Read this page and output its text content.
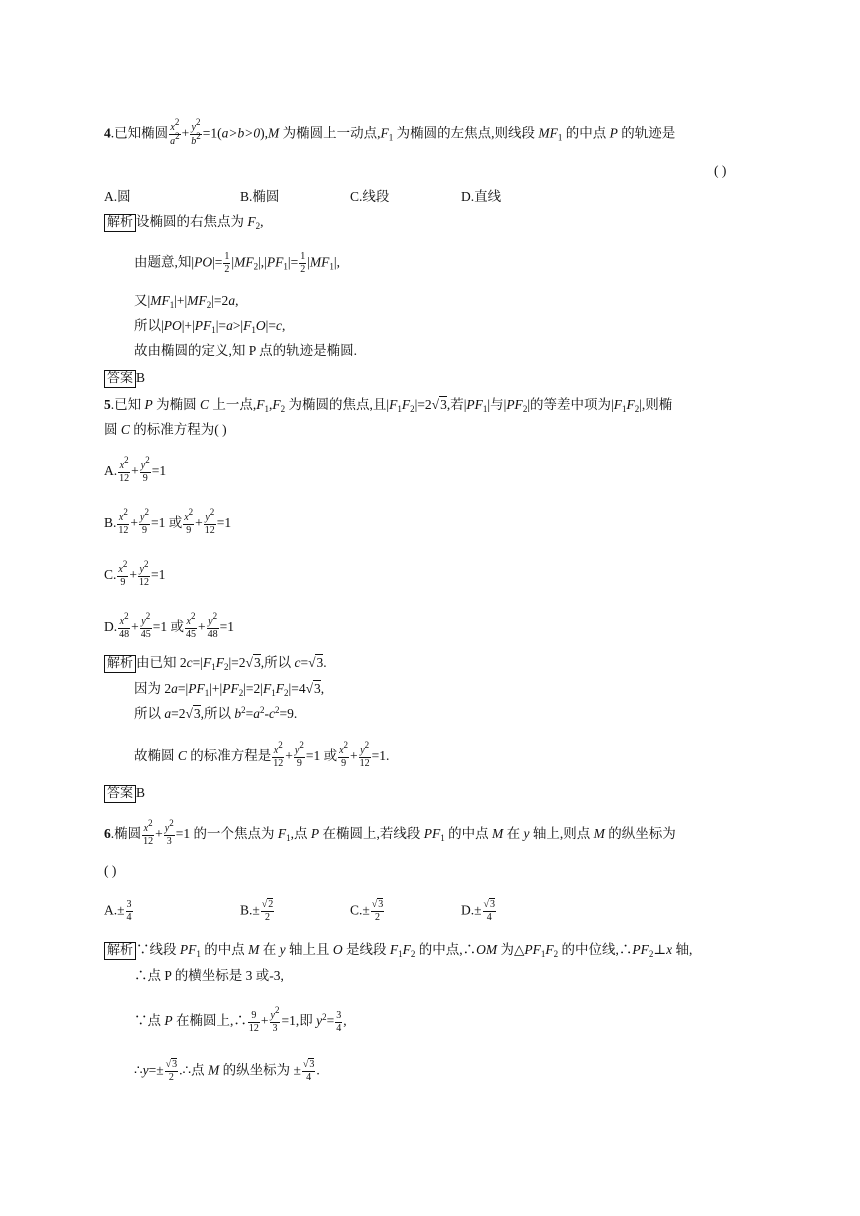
4.已知椭圆 $\frac{x^2}{a^2} + \frac{y^2}{b^2} =1(a>b>0),M$ 为椭圆上一动点$,F_1$ 为椭圆的左焦点,则线段 $MF_1$ 的中点 P 的轨迹是
( )
A.圆	B.椭圆	C.线段	D.直线
解析 设椭圆的右焦点为 $F_2$,
由题意,知$|PO|= \frac{1}{2} |MF_2|,|PF_1|= \frac{1}{2} |MF_1|$,
又$|MF_1|+|MF_2|=2a$,
所以$|PO|+|PF_1|=a>|F_1O|=c$,
故由椭圆的定义,知 P 点的轨迹是椭圆.
答案 B
5.已知 P 为椭圆 C 上一点$,F_1,F_2$ 为椭圆的焦点,且$|F_1F_2|=2√3$,若$|PF_1|$与$|PF_2|$的等差中项为$|F_1F_2|$,则椭
圆 C 的标准方程为( )
A. $\frac{x^2}{12} + \frac{y^2}{9} =1$
B. $\frac{x^2}{12} + \frac{y^2}{9} =1$ 或 $\frac{x^2}{9} + \frac{y^2}{12} =1$
C. $\frac{x^2}{9} + \frac{y^2}{12} =1$
D. $\frac{x^2}{48} + \frac{y^2}{45} =1$ 或 $\frac{x^2}{45} + \frac{y^2}{48} =1$
解析 由已知 $2c=|F_1F_2|=2√3$,所以 c=√3.
因为 $2a=|PF_1|+|PF_2|=2|F_1F_2|=4√3$,
所以 a=2√3,所以 $b^2=a^2-c^2=9$.
故椭圆 C 的标准方程是 $\frac{x^2}{12} + \frac{y^2}{9} =1$ 或 $\frac{x^2}{9} + \frac{y^2}{12} =1$.
答案 B
6.椭圆 $\frac{x^2}{12} + \frac{y^2}{3} =1$ 的一个焦点为 $F_1$,点 P 在椭圆上,若线段 $PF_1$ 的中点 M 在 y 轴上,则点 M 的纵坐标为
( )
$A.\pm \frac{3}{4}$	$B.\pm \frac{√2}{2}$	$C.\pm \frac{√3}{2}$	$D.\pm \frac{√3}{4}$
解析 ∵线段 $PF_1$ 的中点 M 在 y 轴上且 O 是线段 $F_1F_2$ 的中点,∴OM 为$\triangle PF_1F_2$ 的中位线$,\therefore PF_2\perp x$ 轴,
∴点 P 的横坐标是 3 或-3,
∵点 P 在椭圆上,∴ $\frac{9}{12} + \frac{y^2}{3} =1$,即 $y^2= \frac{3}{4}$ ,
∴y=± $\frac{√3}{2}$ .∴点 M 的纵坐标为 ± $\frac{√3}{4}$ .
